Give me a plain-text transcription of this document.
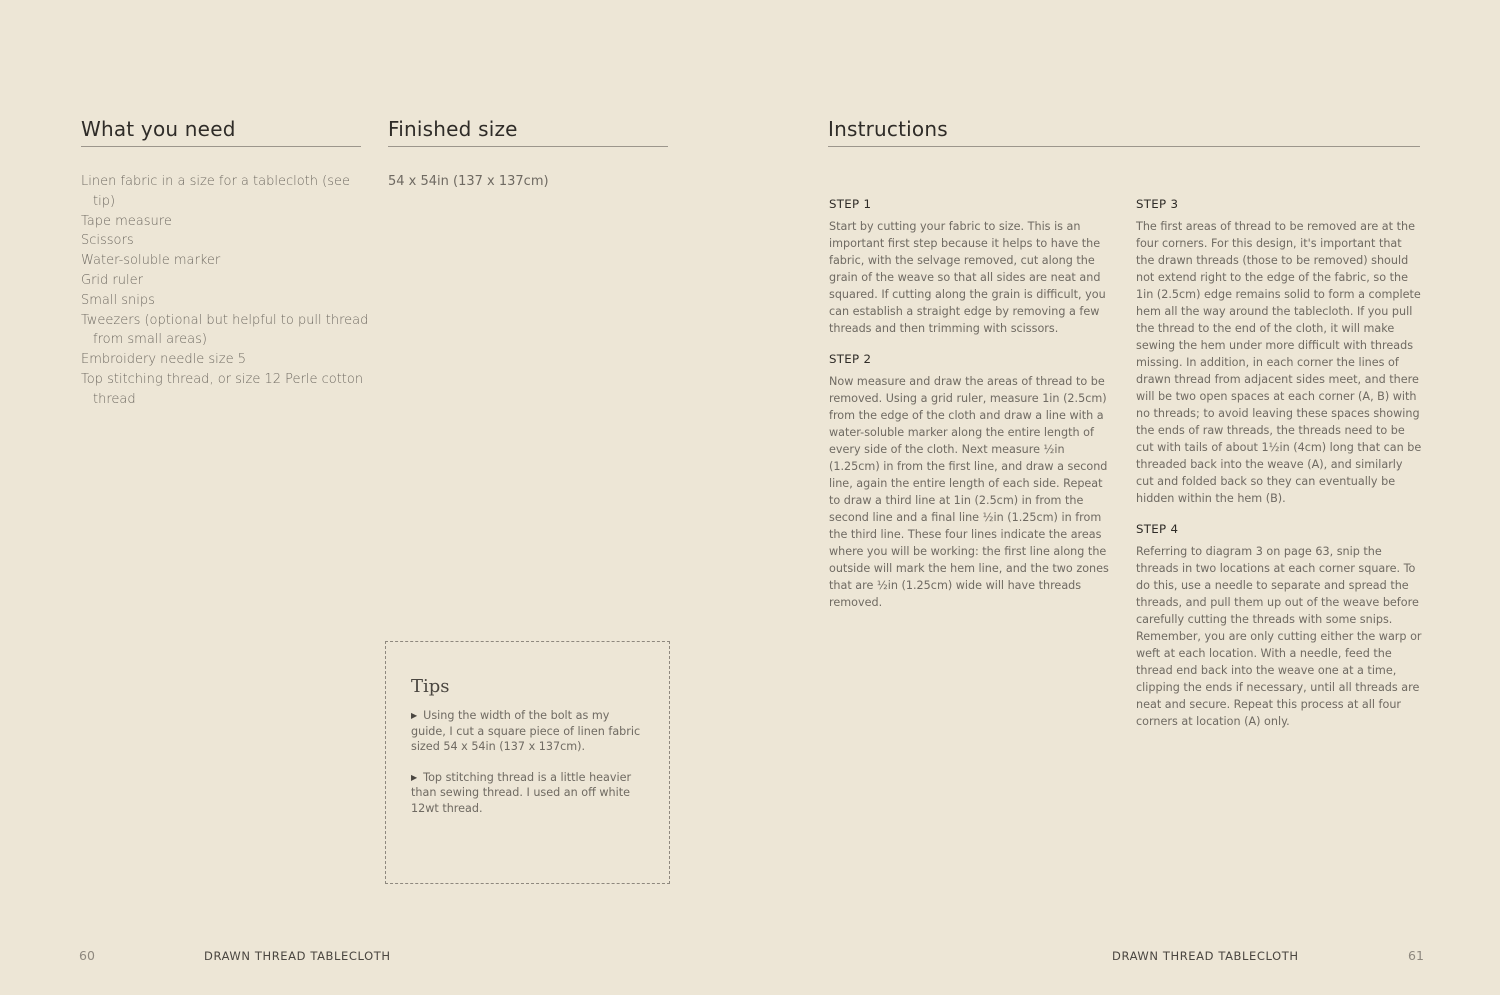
What you need	Finished size
Linen fabric in a size for a tablecloth (see tip)
Tape measure
Scissors
Water-soluble marker
Grid ruler
Small snips
Tweezers (optional but helpful to pull thread from small areas)
Embroidery needle size 5
Top stitching thread, or size 12 Perle cotton thread
54 x 54in (137 x 137cm)
Tips
▶ Using the width of the bolt as my guide, I cut a square piece of linen fabric sized 54 x 54in (137 x 137cm).
▶ Top stitching thread is a little heavier than sewing thread. I used an off white 12wt thread.
60	DRAWN THREAD TABLECLOTH
Instructions
STEP 1

Start by cutting your fabric to size. This is an important first step because it helps to have the fabric, with the selvage removed, cut along the grain of the weave so that all sides are neat and squared. If cutting along the grain is difficult, you can establish a straight edge by removing a few threads and then trimming with scissors.

STEP 2

Now measure and draw the areas of thread to be removed. Using a grid ruler, measure 1in (2.5cm) from the edge of the cloth and draw a line with a water-soluble marker along the entire length of every side of the cloth. Next measure ½in (1.25cm) in from the first line, and draw a second line, again the entire length of each side. Repeat to draw a third line at 1in (2.5cm) in from the second line and a final line ½in (1.25cm) in from the third line. These four lines indicate the areas where you will be working: the first line along the outside will mark the hem line, and the two zones that are ½in (1.25cm) wide will have threads removed.

STEP 3

The first areas of thread to be removed are at the four corners. For this design, it's important that the drawn threads (those to be removed) should not extend right to the edge of the fabric, so the 1in (2.5cm) edge remains solid to form a complete hem all the way around the tablecloth. If you pull the thread to the end of the cloth, it will make sewing the hem under more difficult with threads missing. In addition, in each corner the lines of drawn thread from adjacent sides meet, and there will be two open spaces at each corner (A, B) with no threads; to avoid leaving these spaces showing the ends of raw threads, the threads need to be cut with tails of about 1½in (4cm) long that can be threaded back into the weave (A), and similarly cut and folded back so they can eventually be hidden within the hem (B).

STEP 4

Referring to diagram 3 on page 63, snip the threads in two locations at each corner square. To do this, use a needle to separate and spread the threads, and pull them up out of the weave before carefully cutting the threads with some snips. Remember, you are only cutting either the warp or weft at each location. With a needle, feed the thread end back into the weave one at a time, clipping the ends if necessary, until all threads are neat and secure. Repeat this process at all four corners at location (A) only.

DRAWN THREAD TABLECLOTH	61
